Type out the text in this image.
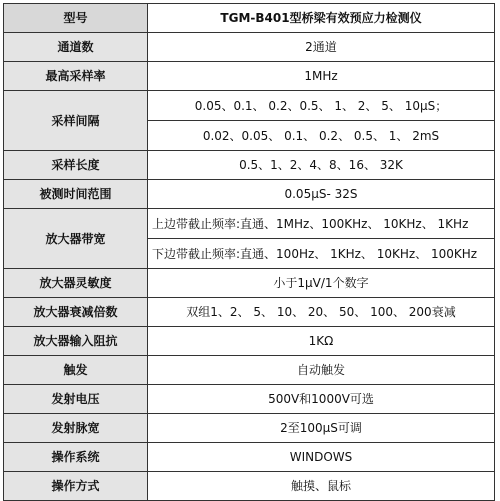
型号	TGM-B401型桥梁有效预应力检测仪
通道数	2通道
最高采样率	1MHz
采样间隔	0.05、0.1、 0.2、0.5、 1、 2、 5、 10μS；
	0.02、0.05、 0.1、 0.2、 0.5、 1、 2mS
采样长度	0.5、1、2、4、8、16、 32K
被测时间范围	0.05μS- 32S
放大器带宽	上边带截止频率:直通、1MHz、100KHz、 10KHz、 1KHz
	下边带截止频率:直通、100Hz、 1KHz、 10KHz、 100KHz
放大器灵敏度	小于1μV/1个数字
放大器衰减倍数	双组1、2、 5、 10、 20、 50、 100、 200衰减
放大器输入阻抗	1KΩ
触发	自动触发
发射电压	500V和1000V可选
发射脉宽	2至100μS可调
操作系统	WINDOWS
操作方式	触摸、鼠标
